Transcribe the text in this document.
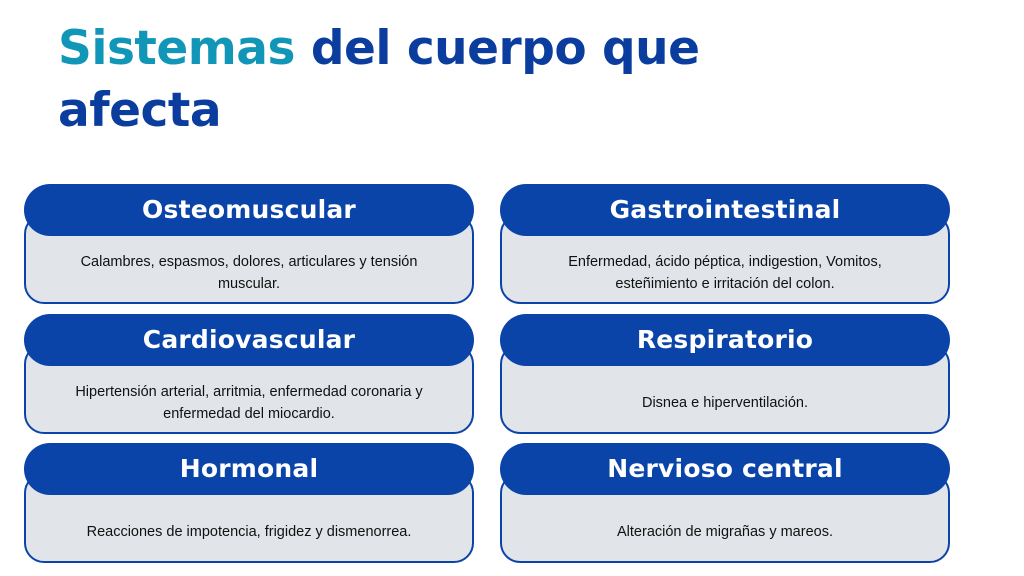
Sistemas del cuerpo que afecta

Calambres, espasmos, dolores, articulares y tensión muscular.

Osteomuscular

Enfermedad, ácido péptica, indigestion, Vomitos, esteñimiento e irritación del colon.

Gastrointestinal

Hipertensión arterial, arritmia, enfermedad coronaria y enfermedad del miocardio.

Cardiovascular

Disnea e hiperventilación.

Respiratorio

Reacciones de impotencia, frigidez y dismenorrea.

Hormonal

Alteración de migrañas y mareos.

Nervioso central
